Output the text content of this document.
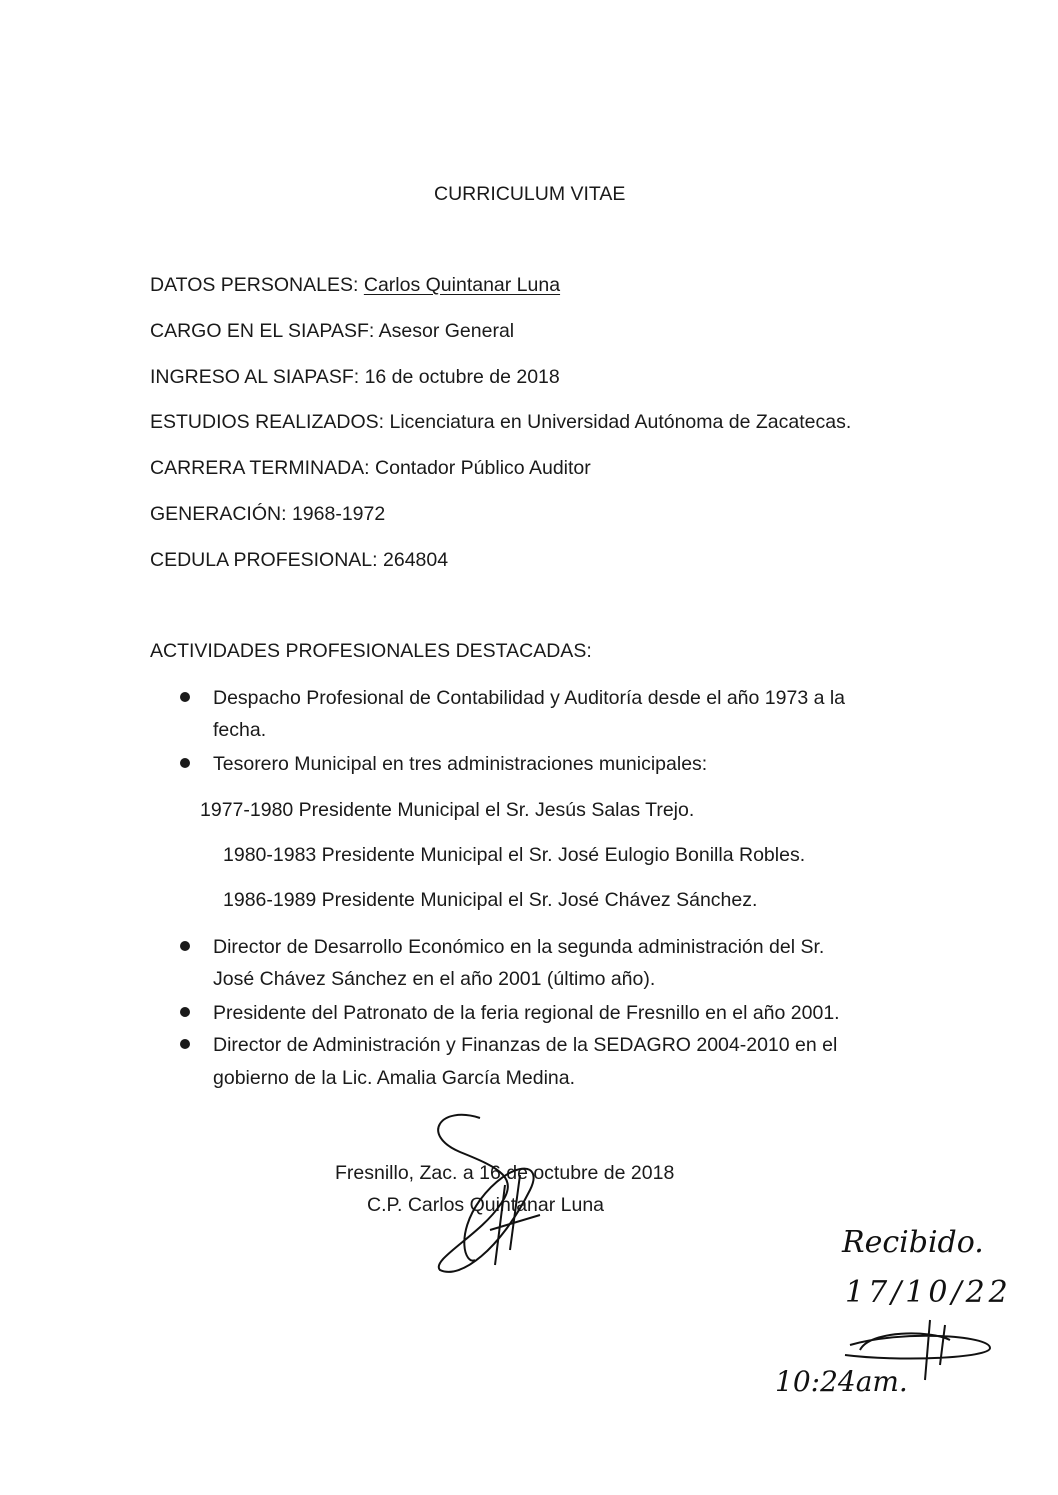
CURRICULUM VITAE
DATOS PERSONALES: Carlos Quintanar Luna
CARGO EN EL SIAPASF: Asesor General
INGRESO AL SIAPASF: 16 de octubre de 2018
ESTUDIOS REALIZADOS: Licenciatura en Universidad Autónoma de Zacatecas.
CARRERA TERMINADA: Contador Público Auditor
GENERACIÓN: 1968-1972
CEDULA PROFESIONAL: 264804
ACTIVIDADES PROFESIONALES DESTACADAS:
Despacho Profesional de Contabilidad y Auditoría desde el año 1973 a la
fecha.
Tesorero Municipal en tres administraciones municipales:
1977-1980 Presidente Municipal el Sr. Jesús Salas Trejo.
1980-1983 Presidente Municipal el Sr. José Eulogio Bonilla Robles.
1986-1989 Presidente Municipal el Sr. José Chávez Sánchez.
Director de Desarrollo Económico en la segunda administración del Sr.
José Chávez Sánchez en el año 2001 (último año).
Presidente del Patronato de la feria regional de Fresnillo en el año 2001.
Director de Administración y Finanzas de la SEDAGRO 2004-2010 en el
gobierno de la Lic. Amalia García Medina.
Fresnillo, Zac. a 16 de octubre de 2018
C.P. Carlos Quintanar Luna
Recibido.
17/10/22
10:24am.
